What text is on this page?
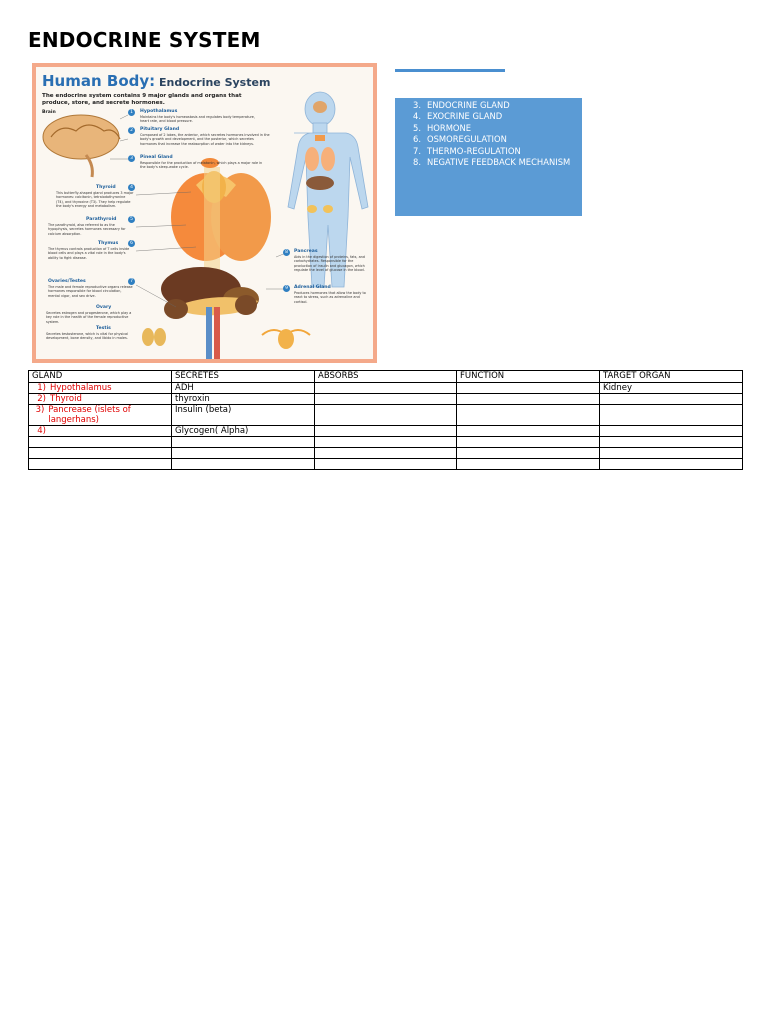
ENDOCRINE SYSTEM
Human Body: Endocrine System
The endocrine system contains 9 major glands and organs that produce, store, and secrete hormones.
Brain	1	Hypothalamus
Maintains the body's homeostasis and regulates body temperature, heart rate, and blood pressure.
2	Pituitary Gland
Composed of 2 lobes, the anterior, which secretes hormones involved in the body's growth and development, and the posterior, which secretes hormones that increase the reabsorption of water into the kidneys.
3	Pineal Gland
Responsible for the production of melatonin, which plays a major role in the body's sleep-wake cycle.
Thyroid	4
This butterfly-shaped gland produces 3 major hormones: calcitonin, tetraiodothyronine (T4), and thyroxine (T3). They help regulate the body's energy and metabolism.
Parathyroid	5
The parathyroid, also referred to as the hypophysis, secretes hormones necessary for calcium absorption.
Thymus	6
The thymus controls production of T cells inside blood cells and plays a vital role in the body's ability to fight disease.
Ovaries/Testes	7
The male and female reproductive organs release hormones responsible for blood circulation, mental vigor, and sex drive.
Ovary
Secretes estrogen and progesterone, which play a key role in the health of the female reproductive system.
Testis
Secretes testosterone, which is vital for physical development, bone density, and libido in males.
8	Pancreas
Aids in the digestion of proteins, fats, and carbohydrates. Responsible for the production of insulin and glucagon, which regulate the level of glucose in the blood.
9	Adrenal Gland
Produces hormones that allow the body to react to stress, such as adrenaline and cortisol.
3. ENDOCRINE GLAND
4. EXOCRINE GLAND
5. HORMONE
6. OSMOREGULATION
7. THERMO-REGULATION
8. NEGATIVE FEEDBACK MECHANISM
GLAND	SECRETES	ABSORBS	FUNCTION	TARGET ORGAN

1) Hypothalamus	ADH			Kidney

2) Thyroid	thyroxin			

3) Pancrease (islets of langerhans)	Insulin (beta)			

4)	Glycogen( Alpha)			
